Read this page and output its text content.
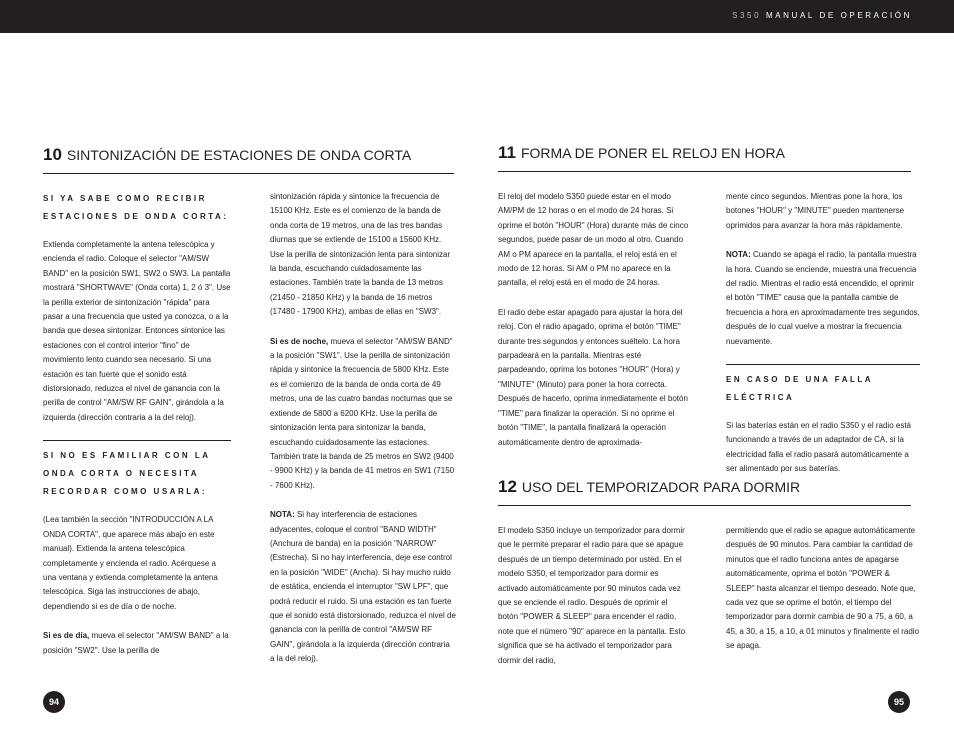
S350 MANUAL DE OPERACIÓN
10 SINTONIZACIÓN DE ESTACIONES DE ONDA CORTA
SI YA SABE COMO RECIBIR ESTACIONES DE ONDA CORTA:

Extienda completamente la antena telescópica y encienda el radio. Coloque el selector "AM/SW BAND" en la posición SW1, SW2 o SW3. La pantalla mostrará "SHORTWAVE" (Onda corta) 1, 2 ó 3". Use la perilla exterior de sintonización "rápida" para pasar a una frecuencia que usted ya conozca, o a la banda que desea sintonizar. Entonces sintonice las estaciones con el control interior "fino" de movimiento lento cuando sea necesario. Si una estación es tan fuerte que el sonido está distorsionado, reduzca el nivel de ganancia con la perilla de control "AM/SW RF GAIN", girándola a la izquierda (dirección contraria a la del reloj).

SI NO ES FAMILIAR CON LA ONDA CORTA O NECESITA RECORDAR COMO USARLA:

(Lea también la sección "INTRODUCCIÓN A LA ONDA CORTA", que aparece más abajo en este manual). Extienda la antena telescópica completamente y encienda el radio. Acérquese a una ventana y extienda completamente la antena telescópica. Siga las instrucciones de abajo, dependiendo si es de día o de noche.

Si es de día, mueva el selector "AM/SW BAND" a la posición "SW2". Use la perilla de

sintonización rápida y sintonice la frecuencia de 15100 KHz. Este es el comienzo de la banda de onda corta de 19 metros, una de las tres bandas diurnas que se extiende de 15100 a 15600 KHz. Use la perilla de sintonización lenta para sintonizar la banda, escuchando cuidadosamente las estaciones. También trate la banda de 13 metros (21450 - 21850 KHz) y la banda de 16 metros (17480 - 17900 KHz), ambas de ellas en "SW3".

Si es de noche, mueva el selector "AM/SW BAND" a la posición "SW1". Use la perilla de sintonización rápida y sintonice la frecuencia de 5800 KHz. Este es el comienzo de la banda de onda corta de 49 metros, una de las cuatro bandas nocturnas que se extiende de 5800 a 6200 KHz. Use la perilla de sintonización lenta para sintonizar la banda, escuchando cuidadosamente las estaciones. También trate la banda de 25 metros en SW2 (9400 - 9900 KHz) y la banda de 41 metros en SW1 (7150 - 7600 KHz).

NOTA: Si hay interferencia de estaciones adyacentes, coloque el control "BAND WIDTH" (Anchura de banda) en la posición "NARROW" (Estrecha). Si no hay interferencia, deje ese control en la posición "WIDE" (Ancha). Si hay mucho ruido de estática, encienda el interruptor "SW LPF", que podrá reducir el ruido. Si una estación es tan fuerte que el sonido está distorsionado, reduzca el nivel de ganancia con la perilla de control "AM/SW RF GAIN", girándola a la izquierda (dirección contraria a la del reloj).

11 FORMA DE PONER EL RELOJ EN HORA

El reloj del modelo S350 puede estar en el modo AM/PM de 12 horas o en el modo de 24 horas. Si oprime el botón "HOUR" (Hora) durante más de cinco segundos, puede pasar de un modo al otro. Cuando AM o PM aparece en la pantalla, el reloj está en el modo de 12 horas. Si AM o PM no aparece en la pantalla, el reloj está en el modo de 24 horas.

El radio debe estar apagado para ajustar la hora del reloj. Con el radio apagado, oprima el botón "TIME" durante tres segundos y entonces suéltelo. La hora parpadeará en la pantalla. Mientras esté parpadeando, oprima los botones "HOUR" (Hora) y "MINUTE" (Minuto) para poner la hora correcta. Después de hacerlo, oprima inmediatamente el botón "TIME" para finalizar la operación. Si no oprime el botón "TIME", la pantalla finalizará la operación automáticamente dentro de aproximada-

mente cinco segundos. Mientras pone la hora, los botones "HOUR" y "MINUTE" pueden mantenerse oprimidos para avanzar la hora más rápidamente.

NOTA: Cuando se apaga el radio, la pantalla muestra la hora. Cuando se enciende, muestra una frecuencia del radio. Mientras el radio está encendido, el oprimir el botón "TIME" causa que la pantalla cambie de frecuencia a hora en aproximadamente tres segundos, después de lo cual vuelve a mostrar la frecuencia nuevamente.

EN CASO DE UNA FALLA ELÉCTRICA

Si las baterías están en el radio S350 y el radio está funcionando a través de un adaptador de CA, si la electricidad falla el radio pasará automáticamente a ser alimentado por sus baterías.

12 USO DEL TEMPORIZADOR PARA DORMIR

El modelo S350 incluye un temporizador para dormir que le permite preparar el radio para que se apague después de un tiempo determinado por usted. En el modelo S350, el temporizador para dormir es activado automáticamente por 90 minutos cada vez que se enciende el radio. Después de oprimir el botón "POWER & SLEEP" para encender el radio, note que el número "90" aparece en la pantalla. Esto significa que se ha activado el temporizador para dormir del radio,

permitiendo que el radio se apague automáticamente después de 90 minutos. Para cambiar la cantidad de minutos que el radio funciona antes de apagarse automáticamente, oprima el botón "POWER & SLEEP" hasta alcanzar el tiempo deseado. Note que, cada vez que se oprime el botón, el tiempo del temporizador para dormir cambia de 90 a 75, a 60, a 45, a 30, a 15, a 10, a 01 minutos y finalmente el radio se apaga.

94	95
